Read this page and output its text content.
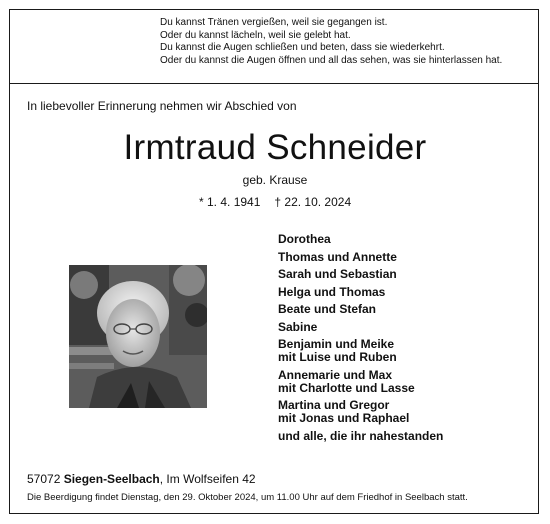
Du kannst Tränen vergießen, weil sie gegangen ist.
Oder du kannst lächeln, weil sie gelebt hat.
Du kannst die Augen schließen und beten, dass sie wiederkehrt.
Oder du kannst die Augen öffnen und all das sehen, was sie hinterlassen hat.
In liebevoller Erinnerung nehmen wir Abschied von
Irmtraud Schneider
geb. Krause
* 1. 4. 1941 † 22. 10. 2024
Dorothea
Thomas und Annette
Sarah und Sebastian
Helga und Thomas
Beate und Stefan
Sabine
Benjamin und Meike
mit Luise und Ruben
Annemarie und Max
mit Charlotte und Lasse
Martina und Gregor
mit Jonas und Raphael
und alle, die ihr nahestanden
57072 Siegen-Seelbach, Im Wolfseifen 42
Die Beerdigung findet Dienstag, den 29. Oktober 2024, um 11.00 Uhr auf dem Friedhof in Seelbach statt.
